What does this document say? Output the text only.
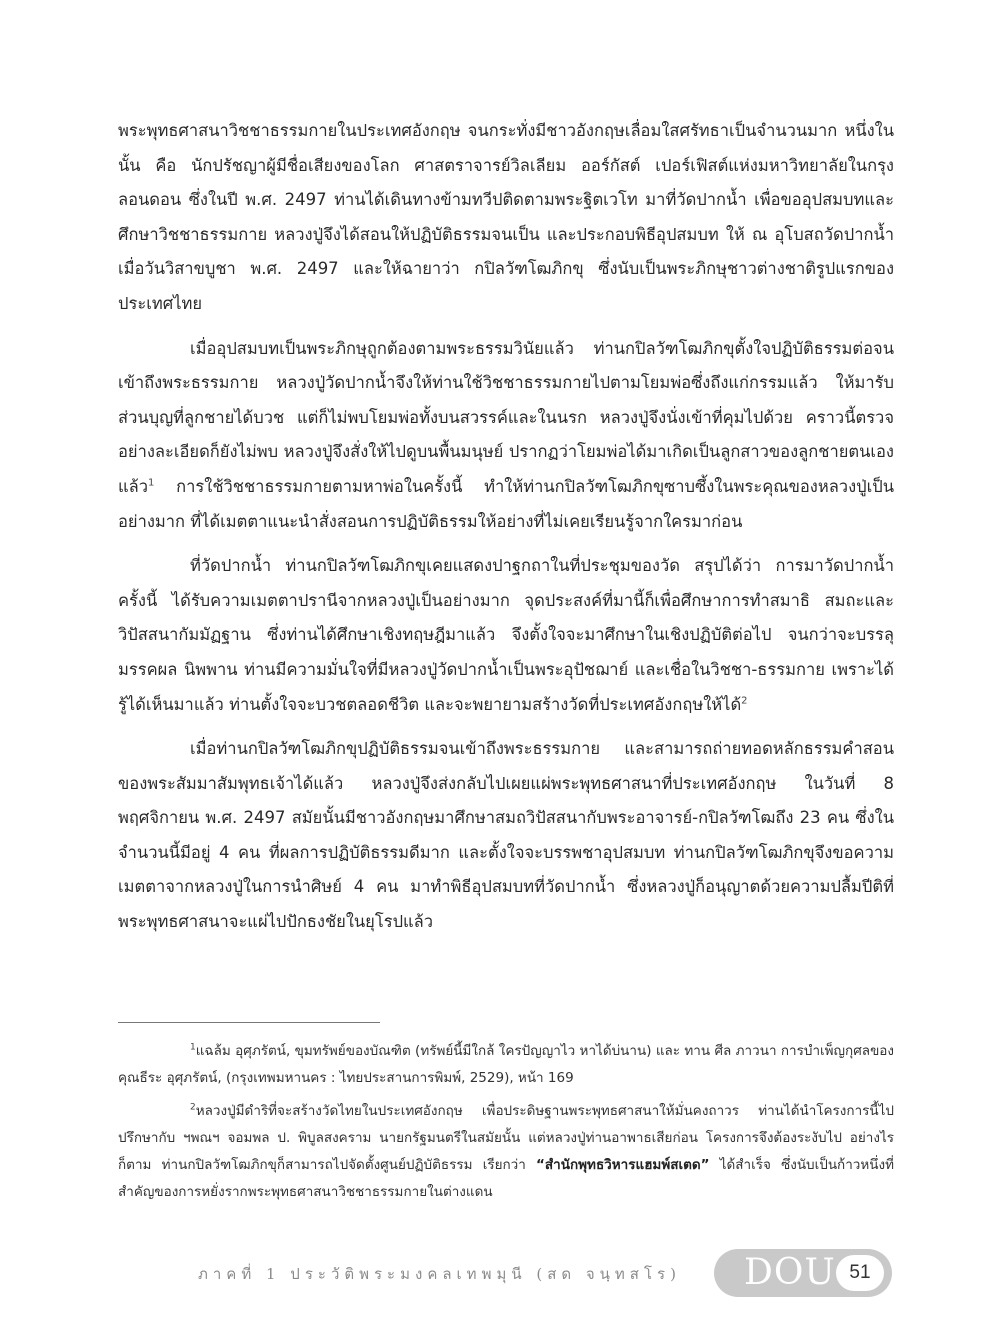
พระพุทธศาสนาวิชชาธรรมกายในประเทศอังกฤษ จนกระทั่งมีชาวอังกฤษเลื่อมใสศรัทธาเป็นจำนวนมาก หนึ่งในนั้น คือ นักปรัชญาผู้มีชื่อเสียงของโลก ศาสตราจารย์วิลเลียม ออร์กัสต์ เปอร์เฟิสต์แห่งมหาวิทยาลัยในกรุงลอนดอน ซึ่งในปี พ.ศ. 2497 ท่านได้เดินทางข้ามทวีปติดตามพระฐิตเวโท มาที่วัดปากน้ำ เพื่อขออุปสมบทและศึกษาวิชชาธรรมกาย หลวงปู่จึงได้สอนให้ปฏิบัติธรรมจนเป็น และประกอบพิธีอุปสมบท ให้ ณ อุโบสถวัดปากน้ำ เมื่อวันวิสาขบูชา พ.ศ. 2497 และให้ฉายาว่า กปิลวัฑโฒภิกขุ ซึ่งนับเป็นพระภิกษุชาวต่างชาติรูปแรกของประเทศไทย

เมื่ออุปสมบทเป็นพระภิกษุถูกต้องตามพระธรรมวินัยแล้ว ท่านกปิลวัฑโฒภิกขุตั้งใจปฏิบัติธรรมต่อจนเข้าถึงพระธรรมกาย หลวงปู่วัดปากน้ำจึงให้ท่านใช้วิชชาธรรมกายไปตามโยมพ่อซึ่งถึงแก่กรรมแล้ว ให้มารับส่วนบุญที่ลูกชายได้บวช แต่ก็ไม่พบโยมพ่อทั้งบนสวรรค์และในนรก หลวงปู่จึงนั่งเข้าที่คุมไปด้วย คราวนี้ตรวจอย่างละเอียดก็ยังไม่พบ หลวงปู่จึงสั่งให้ไปดูบนพื้นมนุษย์ ปรากฏว่าโยมพ่อได้มาเกิดเป็นลูกสาวของลูกชายตนเองแล้ว$^1$ การใช้วิชชาธรรมกายตามหาพ่อในครั้งนี้ ทำให้ท่านกปิลวัฑโฒภิกขุซาบซึ้งในพระคุณของหลวงปู่เป็นอย่างมาก ที่ได้เมตตาแนะนำสั่งสอนการปฏิบัติธรรมให้อย่างที่ไม่เคยเรียนรู้จากใครมาก่อน

ที่วัดปากน้ำ ท่านกปิลวัฑโฒภิกขุเคยแสดงปาฐกถาในที่ประชุมของวัด สรุปได้ว่า การมาวัดปากน้ำครั้งนี้ ได้รับความเมตตาปรานีจากหลวงปู่เป็นอย่างมาก จุดประสงค์ที่มานี้ก็เพื่อศึกษาการทำสมาธิ สมถะและวิปัสสนากัมมัฏฐาน ซึ่งท่านได้ศึกษาเชิงทฤษฎีมาแล้ว จึงตั้งใจจะมาศึกษาในเชิงปฏิบัติต่อไป จนกว่าจะบรรลุมรรคผล นิพพาน ท่านมีความมั่นใจที่มีหลวงปู่วัดปากน้ำเป็นพระอุปัชฌาย์ และเชื่อในวิชชา-ธรรมกาย เพราะได้รู้ได้เห็นมาแล้ว ท่านตั้งใจจะบวชตลอดชีวิต และจะพยายามสร้างวัดที่ประเทศอังกฤษให้ได้$^2$

เมื่อท่านกปิลวัฑโฒภิกขุปฏิบัติธรรมจนเข้าถึงพระธรรมกาย และสามารถถ่ายทอดหลักธรรมคำสอนของพระสัมมาสัมพุทธเจ้าได้แล้ว หลวงปู่จึงส่งกลับไปเผยแผ่พระพุทธศาสนาที่ประเทศอังกฤษ ในวันที่ 8 พฤศจิกายน พ.ศ. 2497 สมัยนั้นมีชาวอังกฤษมาศึกษาสมถวิปัสสนากับพระอาจารย์-กปิลวัฑโฒถึง 23 คน ซึ่งในจำนวนนี้มีอยู่ 4 คน ที่ผลการปฏิบัติธรรมดีมาก และตั้งใจจะบรรพชาอุปสมบท ท่านกปิลวัฑโฒภิกขุจึงขอความเมตตาจากหลวงปู่ในการนำศิษย์ 4 คน มาทำพิธีอุปสมบทที่วัดปากน้ำ ซึ่งหลวงปู่ก็อนุญาตด้วยความปลื้มปีติที่พระพุทธศาสนาจะแผ่ไปปักธงชัยในยุโรปแล้ว

$^1$แฉล้ม อุศุภรัตน์, ขุมทรัพย์ของบัณฑิต (ทรัพย์นี้มีใกล้ ใครปัญญาไว หาได้บ่นาน) และ ทาน ศีล ภาวนา การบำเพ็ญกุศลของคุณธีระ อุศุภรัตน์, (กรุงเทพมหานคร : ไทยประสานการพิมพ์, 2529), หน้า 169

$^2$หลวงปู่มีดำริที่จะสร้างวัดไทยในประเทศอังกฤษ เพื่อประดิษฐานพระพุทธศาสนาให้มั่นคงถาวร ท่านได้นำโครงการนี้ไปปรึกษากับ ฯพณฯ จอมพล ป. พิบูลสงคราม นายกรัฐมนตรีในสมัยนั้น แต่หลวงปู่ท่านอาพาธเสียก่อน โครงการจึงต้องระงับไป อย่างไรก็ตาม ท่านกปิลวัฑโฒภิกขุก็สามารถไปจัดตั้งศูนย์ปฏิบัติธรรม เรียกว่า “สำนักพุทธวิหารแฮมพ์สเตด” ได้สำเร็จ ซึ่งนับเป็นก้าวหนึ่งที่สำคัญของการหยั่งรากพระพุทธศาสนาวิชชาธรรมกายในต่างแดน

ภาคที่ 1 ประวัติพระมงคลเทพมุนี (สด จนฺทสโร)	DOU 51
